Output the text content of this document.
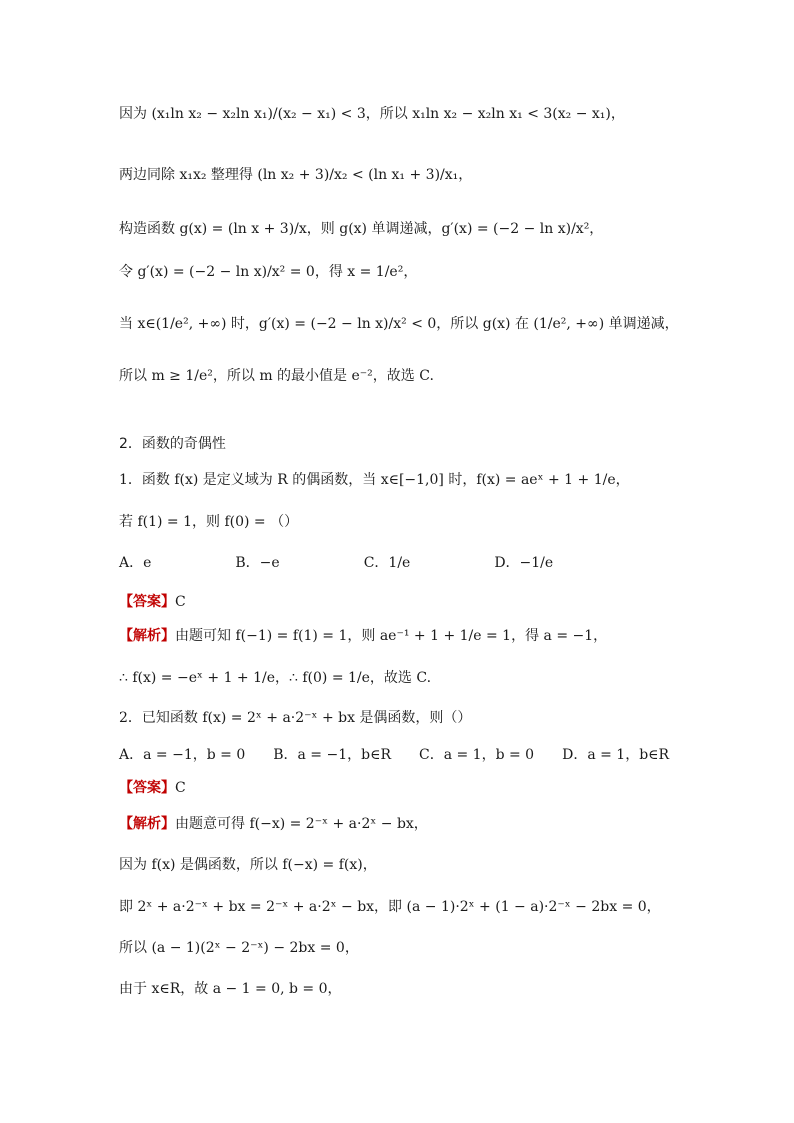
因为 (x₁ln x₂ − x₂ln x₁)/(x₂ − x₁) < 3，所以 x₁ln x₂ − x₂ln x₁ < 3(x₂ − x₁)，
两边同除 x₁x₂ 整理得 (ln x₂ + 3)/x₂ < (ln x₁ + 3)/x₁，
构造函数 g(x) = (ln x + 3)/x，则 g(x) 单调递减，g′(x) = (−2 − ln x)/x²，
令 g′(x) = (−2 − ln x)/x² = 0，得 x = 1/e²，
当 x∈(1/e², +∞) 时，g′(x) = (−2 − ln x)/x² < 0，所以 g(x) 在 (1/e², +∞) 单调递减，
所以 m ≥ 1/e²，所以 m 的最小值是 e⁻²，故选 C.
2．函数的奇偶性
1．函数 f(x) 是定义域为 R 的偶函数，当 x∈[−1,0] 时，f(x) = aeˣ + 1 + 1/e，
若 f(1) = 1，则 f(0) = （）
A．e　　　　　　B．−e　　　　　　C．1/e　　　　　　D．−1/e
【答案】C
【解析】由题可知 f(−1) = f(1) = 1，则 ae⁻¹ + 1 + 1/e = 1，得 a = −1，
∴ f(x) = −eˣ + 1 + 1/e，∴ f(0) = 1/e，故选 C.
2．已知函数 f(x) = 2ˣ + a·2⁻ˣ + bx 是偶函数，则（）
A．a = −1，b = 0　　B．a = −1，b∈R　　C．a = 1，b = 0　　D．a = 1，b∈R
【答案】C
【解析】由题意可得 f(−x) = 2⁻ˣ + a·2ˣ − bx，
因为 f(x) 是偶函数，所以 f(−x) = f(x)，
即 2ˣ + a·2⁻ˣ + bx = 2⁻ˣ + a·2ˣ − bx，即 (a − 1)·2ˣ + (1 − a)·2⁻ˣ − 2bx = 0，
所以 (a − 1)(2ˣ − 2⁻ˣ) − 2bx = 0，
由于 x∈R，故 a − 1 = 0, b = 0，
